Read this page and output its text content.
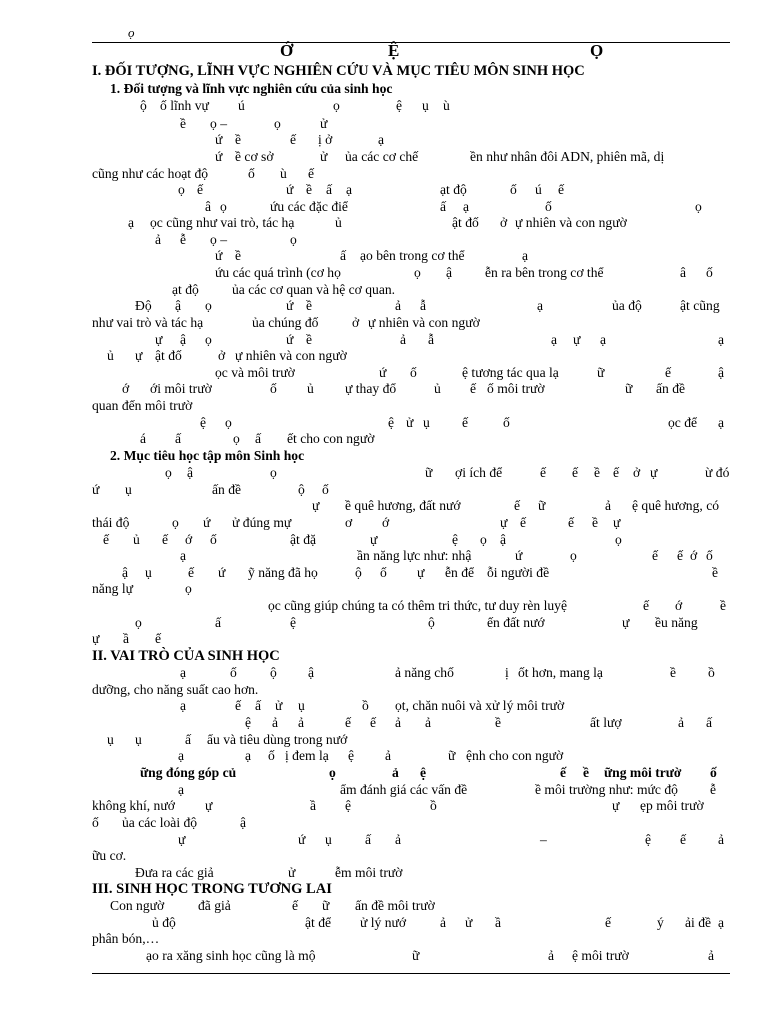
ọ
Ớ	Ệ	Ọ
I. ĐỐI TƯỢNG, LĨNH VỰC NGHIÊN CỨU VÀ MỤC TIÊU MÔN SINH HỌC
1. Đối tượng và lĩnh vực nghiên cứu của sinh học
ộ ố lĩnh vự ú	ọ	ệ ụ ù
ề ọ –	ọ	ử
ứ ề	ế ị ở	ạ
ứ ề cơ sở	ử ủa các cơ chế	ền như nhân đôi ADN, phiên mã, dị
cũng như các hoạt độ	ố ù ế
ọ ế	ứ ề ấ ạ	ạt độ	ố ú ế
â ọ	ứu các đặc điể	ấ ạ	ố	ọ
ạ ọc cũng như vai trò, tác hạ	ủ	ật đố ở ự nhiên và con ngườ
ả ễ ọ –	ọ
ứ ề	ấ ạo bên trong cơ thể	ạ
ứu các quá trình (cơ họ	ọ ậ ễn ra bên trong cơ thể	â ố
ạt độ ủa các cơ quan và hệ cơ quan.
Độ ậ ọ	ứ ề	ả ẫ	ạ	ủa độ	ật cũng
như vai trò và tác hạ	ủa chúng đố ở ự nhiên và con ngườ
ự ậ ọ	ứ ề	ả ẫ	ạ ự ạ	ạ
ủ ự ật đố	ở ự nhiên và con ngườ
ọc và môi trườ	ứ ố	ệ tương tác qua lạ	ữ	ế	ậ
ớ ới môi trườ	ố ủ ự thay đổ	ủ ế ố môi trườ	ữ ấn đề
quan đến môi trườ
ệ ọ	ệ ử ụ ế	ố	ọc để ạ
á ấ	ọ ấ ết cho con ngườ
2. Mục tiêu học tập môn Sinh học
ọ ậ	ọ	ữ ợi ích để	ế ế ề ế ở ự	ừ đó
ứ ụ	ấn đề	ộ ố
ự ề quê hương, đất nướ	ế ữ	ả ệ quê hương, có
thái độ	ọ ứ ử đúng mự	ơ ớ	ự ế	ế ề ự
ế ủ ế ớ ố	ật đặ	ự	ệ ọ ậ	ọ
ạ	ần năng lực như: nhậ	ứ	ọ	ế ế ớ ố
ậ ụ	ế ứ ỹ năng đã họ	ộ ố ự ễn để ỗi người đề	ề
năng lự	ọ
ọc cũng giúp chúng ta có thêm tri thức, tư duy rèn luyệ	ế ớ	ề
ọ	ấ	ệ	ộ	ến đất nướ	ự ều năng
ự ầ ế
II. VAI TRÒ CỦA SINH HỌC
ạ	ố ộ ậ	ả năng chố	ị ốt hơn, mang lạ	ề ồ
dưỡng, cho năng suất cao hơn.
ạ	ế ấ ử ụ	ồ ọt, chăn nuôi và xử lý môi trườ
ệ ả ả	ế ế ả ả	ề	ất lượ	ả ấ
ụ ụ	ấ ẩu và tiêu dùng trong nướ
ạ	ạ ố ị đem lạ ệ ả	ữ ệnh cho con ngườ
ững đóng góp củ	ọ	ả ệ	ế ề ững môi trườ ố
ạ	ẩm đánh giá các vấn đề	ề môi trường như: mức độ ễ
không khí, nướ ự	ầ ệ	ồ	ự ẹp môi trườ
ố ủa các loài độ	ậ
ự	ứ ụ ấ ả	–	ệ ế ả
ữu cơ.
Đưa ra các giả	ử	ễm môi trườ
III. SINH HỌC TRONG TƯƠNG LAI
Con ngườ đã giả	ế ữ ấn đề môi trườ
ủ độ	ật để ử lý nướ ả ử ầ	ế	ý ải đề ạ
phân bón,…
ạo ra xăng sinh học cũng là mộ	ữ	ả ệ môi trườ	ả
